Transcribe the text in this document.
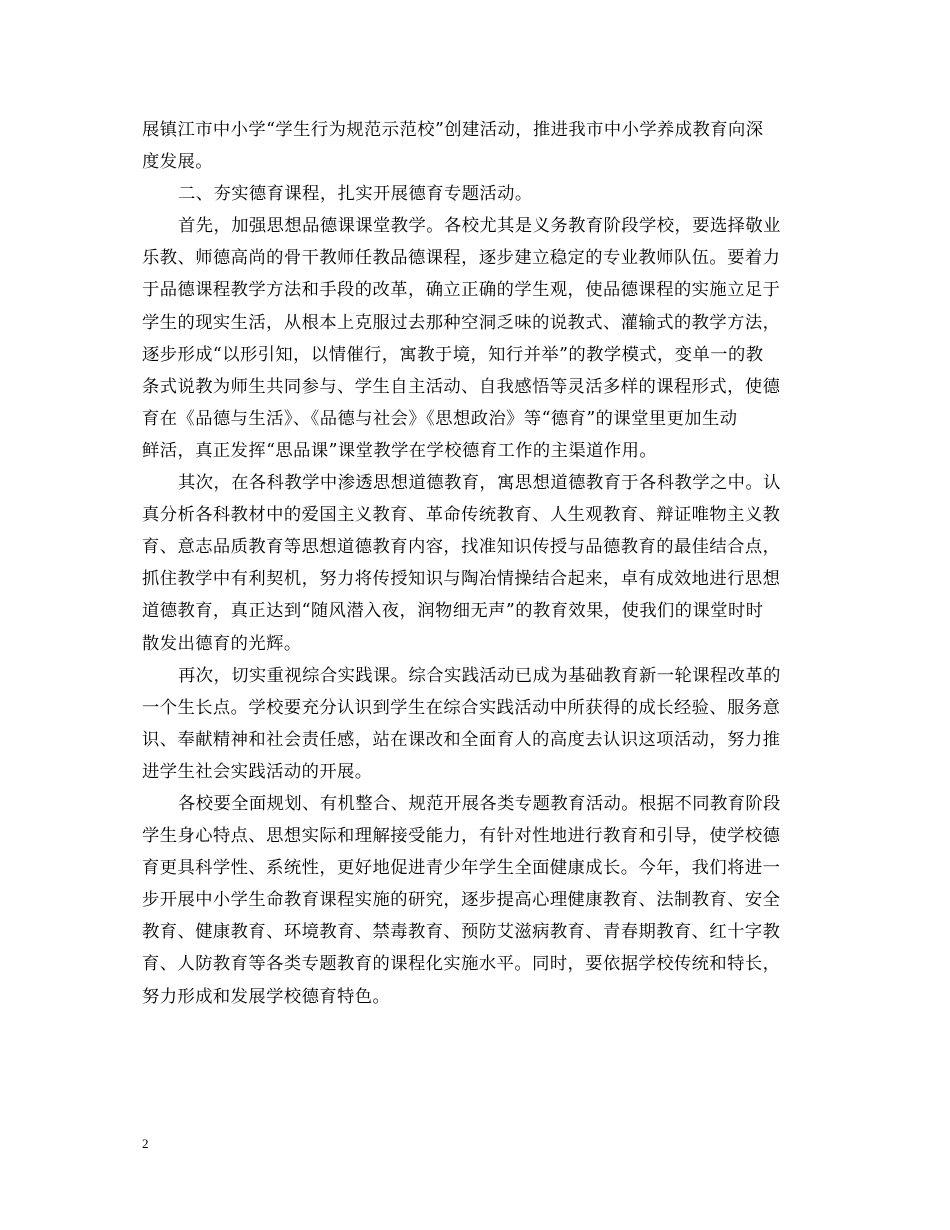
展镇江市中小学“学生行为规范示范校”创建活动，推进我市中小学养成教育向深
度发展。
二、夯实德育课程，扎实开展德育专题活动。
首先，加强思想品德课课堂教学。各校尤其是义务教育阶段学校，要选择敬业
乐教、师德高尚的骨干教师任教品德课程，逐步建立稳定的专业教师队伍。要着力
于品德课程教学方法和手段的改革，确立正确的学生观，使品德课程的实施立足于
学生的现实生活，从根本上克服过去那种空洞乏味的说教式、灌输式的教学方法，
逐步形成“以形引知，以情催行，寓教于境，知行并举”的教学模式，变单一的教
条式说教为师生共同参与、学生自主活动、自我感悟等灵活多样的课程形式，使德
育在《品德与生活》、《品德与社会》《思想政治》等“德育”的课堂里更加生动
鲜活，真正发挥“思品课”课堂教学在学校德育工作的主渠道作用。
其次，在各科教学中渗透思想道德教育，寓思想道德教育于各科教学之中。认
真分析各科教材中的爱国主义教育、革命传统教育、人生观教育、辩证唯物主义教
育、意志品质教育等思想道德教育内容，找准知识传授与品德教育的最佳结合点，
抓住教学中有利契机，努力将传授知识与陶冶情操结合起来，卓有成效地进行思想
道德教育，真正达到“随风潜入夜，润物细无声”的教育效果，使我们的课堂时时
散发出德育的光辉。
再次，切实重视综合实践课。综合实践活动已成为基础教育新一轮课程改革的
一个生长点。学校要充分认识到学生在综合实践活动中所获得的成长经验、服务意
识、奉献精神和社会责任感，站在课改和全面育人的高度去认识这项活动，努力推
进学生社会实践活动的开展。
各校要全面规划、有机整合、规范开展各类专题教育活动。根据不同教育阶段
学生身心特点、思想实际和理解接受能力，有针对性地进行教育和引导，使学校德
育更具科学性、系统性，更好地促进青少年学生全面健康成长。今年，我们将进一
步开展中小学生命教育课程实施的研究，逐步提高心理健康教育、法制教育、安全
教育、健康教育、环境教育、禁毒教育、预防艾滋病教育、青春期教育、红十字教
育、人防教育等各类专题教育的课程化实施水平。同时，要依据学校传统和特长，
努力形成和发展学校德育特色。
2
